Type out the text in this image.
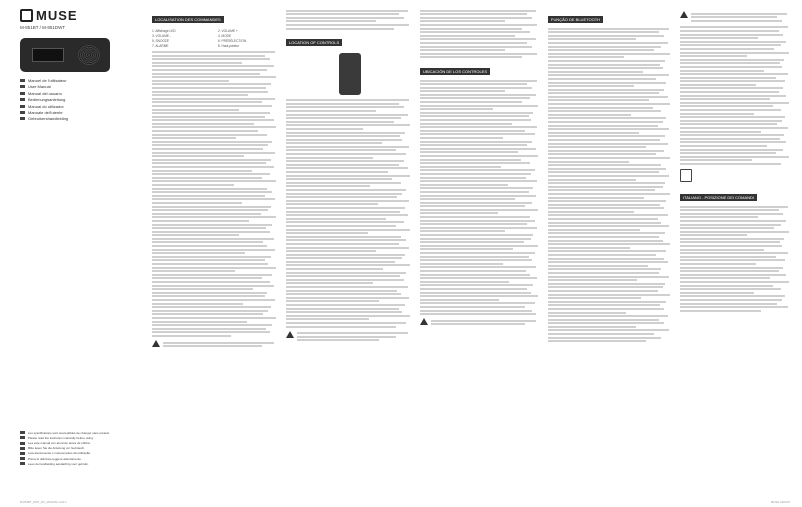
MUSE
M-851BT / M-851DWT
Manuel de l'utilisateur
User Manual
Manual del usuario
Bedienungsanleitung
Manual do utilizador
Manuale dell'utente
Gebruikershandleiding
Les spécifications sont susceptibles de changer sans préavis.
Please read the instruction carefully before using.
Lea este manual con atención antes de utilizar.
Bitte lesen Sie die Anleitung vor Gebrauch.
Leia atentamente o manual antes da utilização.
Prima di utilizzare leggere attentamente.
Lees de handleiding aandachtig voor gebruik.
LOCALISATION DES COMMANDES
1. Affichage LED	2. VOLUME +
3. VOLUME -	4. MODE
5. SNOOZE	6. PRÉSÉLECTION
7. ALARME	8. Haut-parleur
LOCATION OF CONTROLS
UBICACIÓN DE LOS CONTROLES
FUNÇÃO DE BLUETOOTH
ITALIANO - POSIZIONE DEI COMANDI
M-851BT_DWT_RC_MANUAL.indd 1	MUSE GROUP
